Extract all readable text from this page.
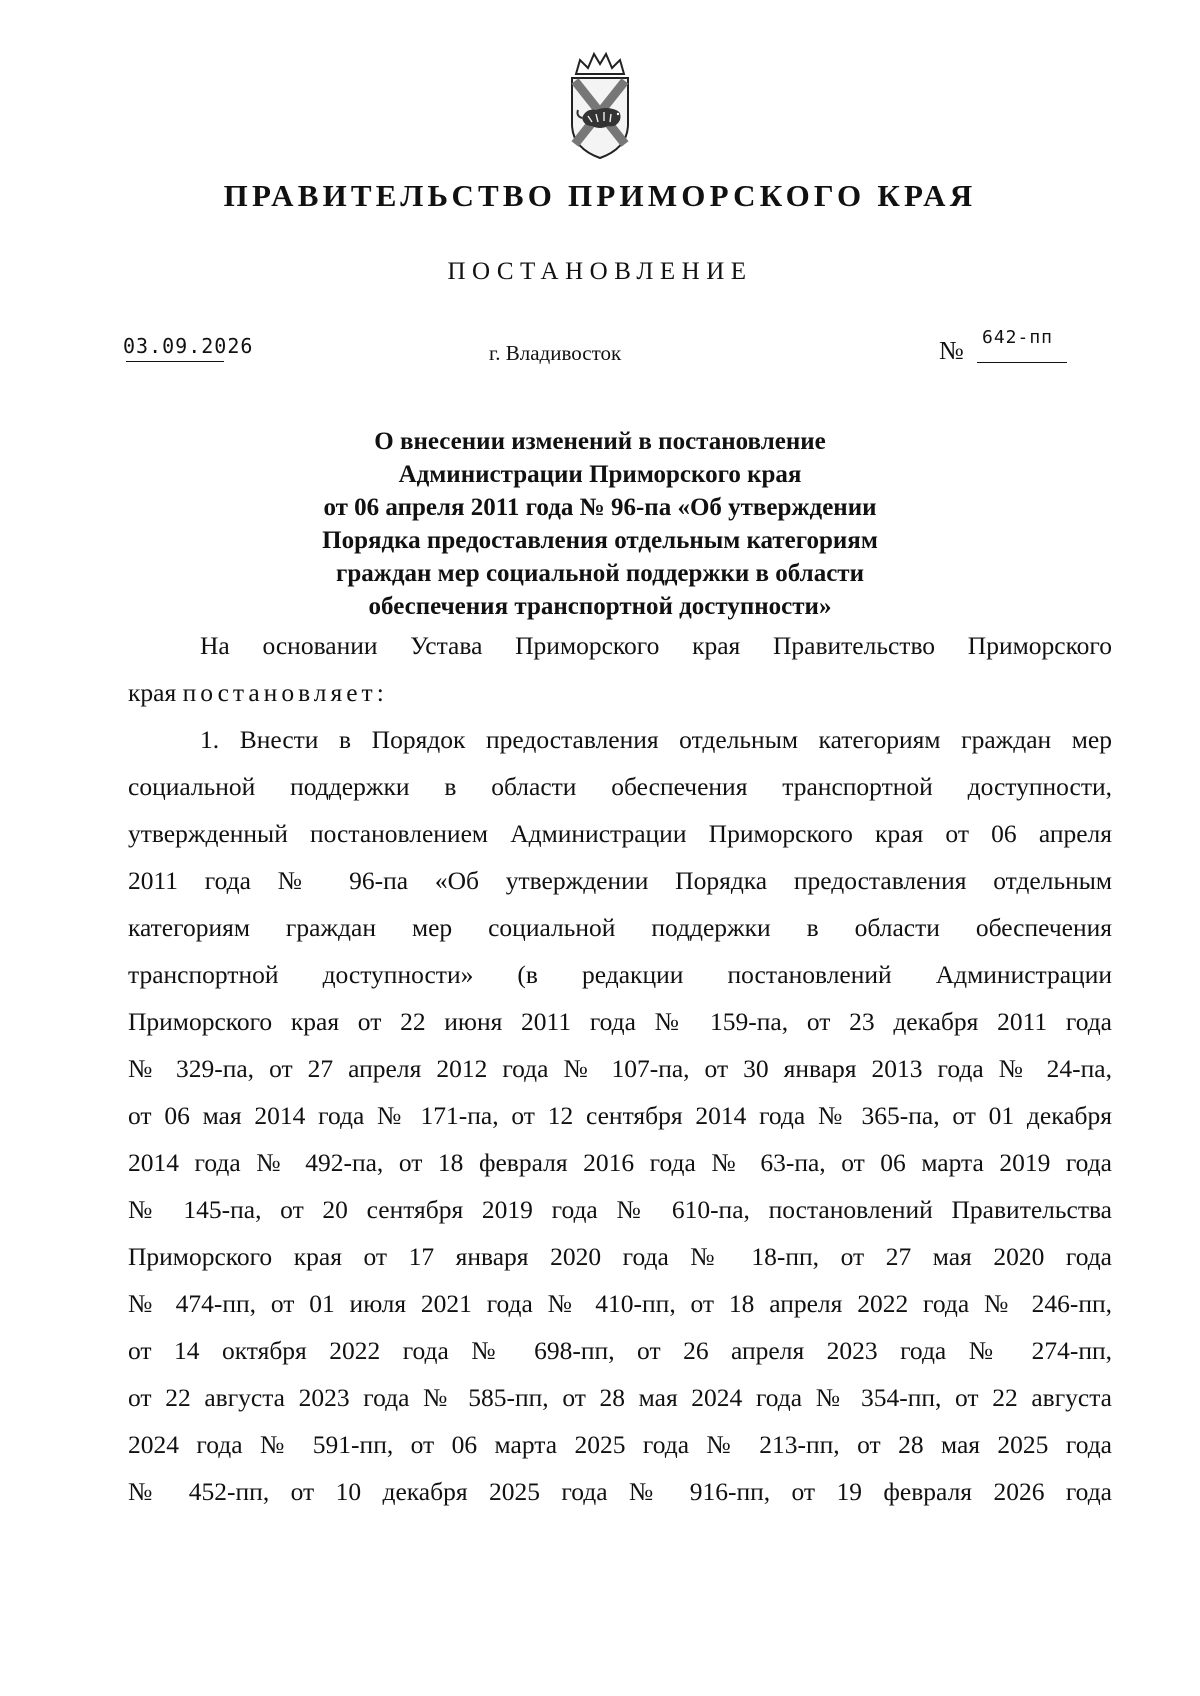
ПРАВИТЕЛЬСТВО ПРИМОРСКОГО КРАЯ
ПОСТАНОВЛЕНИЕ
03.09.2026	г. Владивосток	№ 642-пп
О внесении изменений в постановление
Администрации Приморского края
от 06 апреля 2011 года № 96-па «Об утверждении
Порядка предоставления отдельным категориям
граждан мер социальной поддержки в области
обеспечения транспортной доступности»
На основании Устава Приморского края Правительство Приморского
края постановляет:
1. Внести в Порядок предоставления отдельным категориям граждан мер
социальной поддержки в области обеспечения транспортной доступности,
утвержденный постановлением Администрации Приморского края от 06 апреля
2011 года № 96-па «Об утверждении Порядка предоставления отдельным
категориям граждан мер социальной поддержки в области обеспечения
транспортной доступности» (в редакции постановлений Администрации
Приморского края от 22 июня 2011 года № 159-па, от 23 декабря 2011 года
№ 329-па, от 27 апреля 2012 года № 107-па, от 30 января 2013 года № 24-па,
от 06 мая 2014 года № 171-па, от 12 сентября 2014 года № 365-па, от 01 декабря
2014 года № 492-па, от 18 февраля 2016 года № 63-па, от 06 марта 2019 года
№ 145-па, от 20 сентября 2019 года № 610-па, постановлений Правительства
Приморского края от 17 января 2020 года № 18-пп, от 27 мая 2020 года
№ 474-пп, от 01 июля 2021 года № 410-пп, от 18 апреля 2022 года № 246-пп,
от 14 октября 2022 года № 698-пп, от 26 апреля 2023 года № 274-пп,
от 22 августа 2023 года № 585-пп, от 28 мая 2024 года № 354-пп, от 22 августа
2024 года № 591-пп, от 06 марта 2025 года № 213-пп, от 28 мая 2025 года
№ 452-пп, от 10 декабря 2025 года № 916-пп, от 19 февраля 2026 года
